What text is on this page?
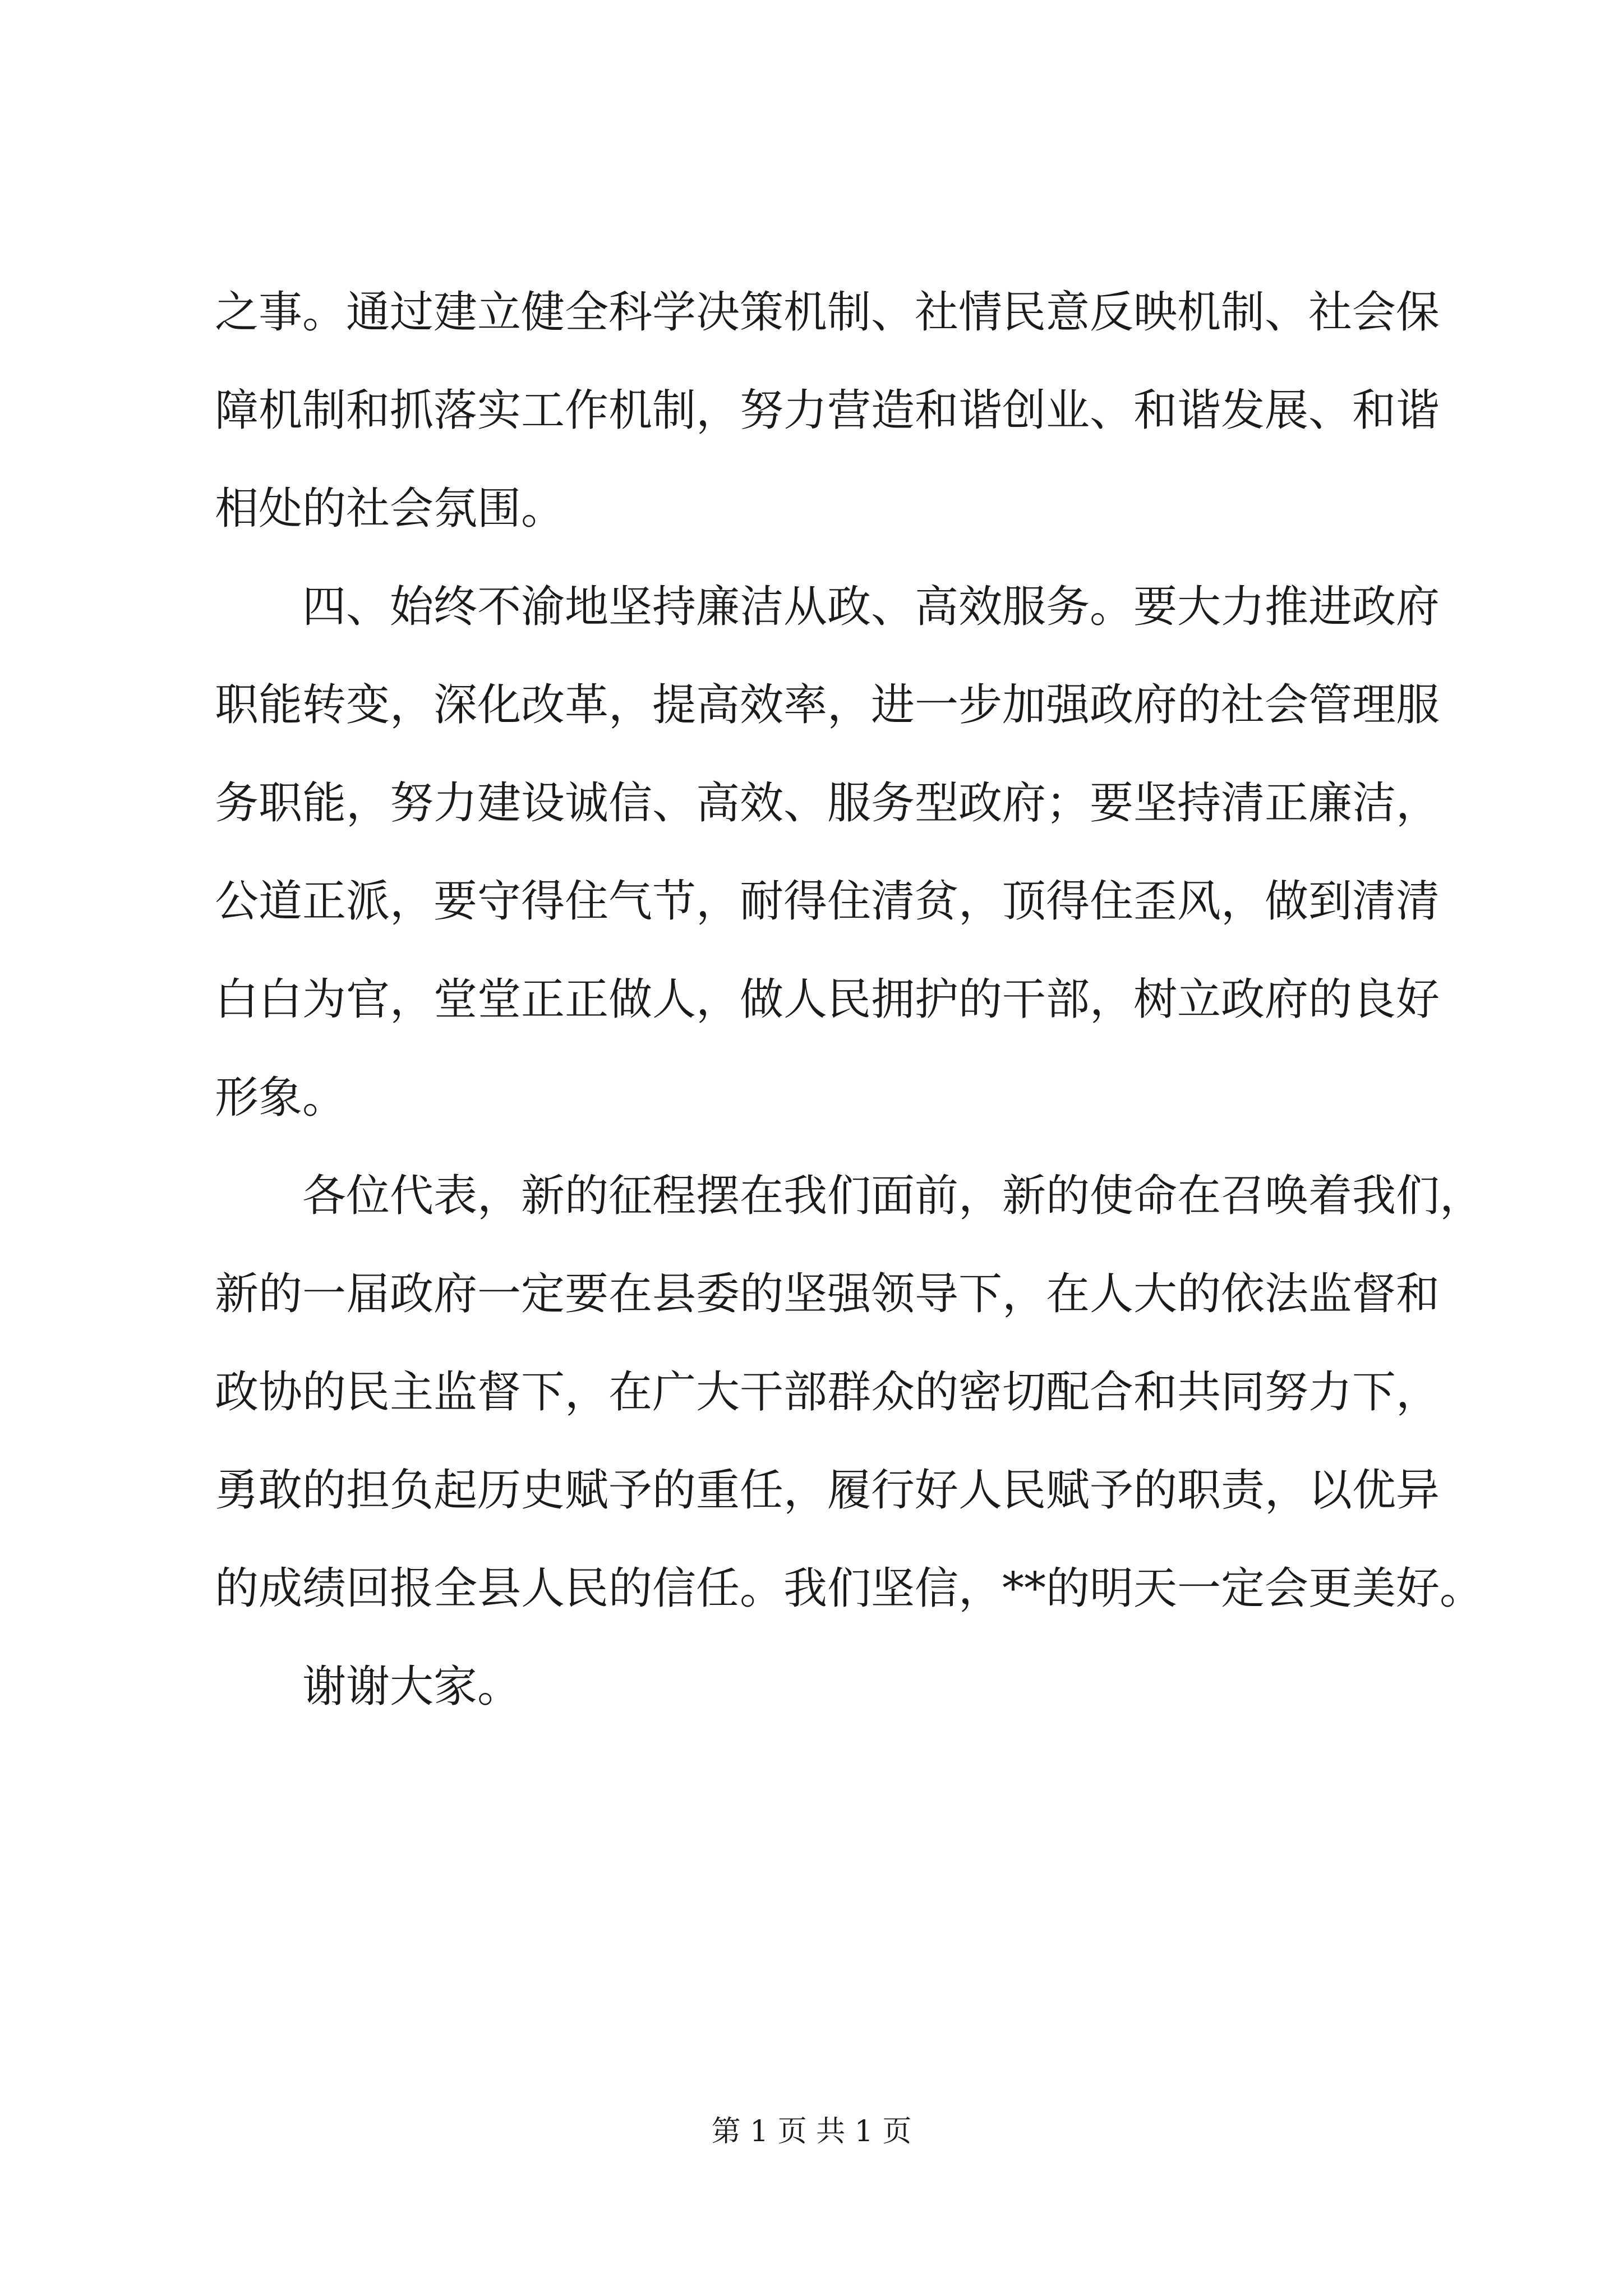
之事。通过建立健全科学决策机制、社情民意反映机制、社会保
障机制和抓落实工作机制，努力营造和谐创业、和谐发展、和谐
相处的社会氛围。
　　四、始终不渝地坚持廉洁从政、高效服务。要大力推进政府
职能转变，深化改革，提高效率，进一步加强政府的社会管理服
务职能，努力建设诚信、高效、服务型政府；要坚持清正廉洁，
公道正派，要守得住气节，耐得住清贫，顶得住歪风，做到清清
白白为官，堂堂正正做人，做人民拥护的干部，树立政府的良好
形象。
　　各位代表，新的征程摆在我们面前，新的使命在召唤着我们，
新的一届政府一定要在县委的坚强领导下，在人大的依法监督和
政协的民主监督下，在广大干部群众的密切配合和共同努力下，
勇敢的担负起历史赋予的重任，履行好人民赋予的职责，以优异
的成绩回报全县人民的信任。我们坚信，**的明天一定会更美好。
　　谢谢大家。
第 1 页 共 1 页
